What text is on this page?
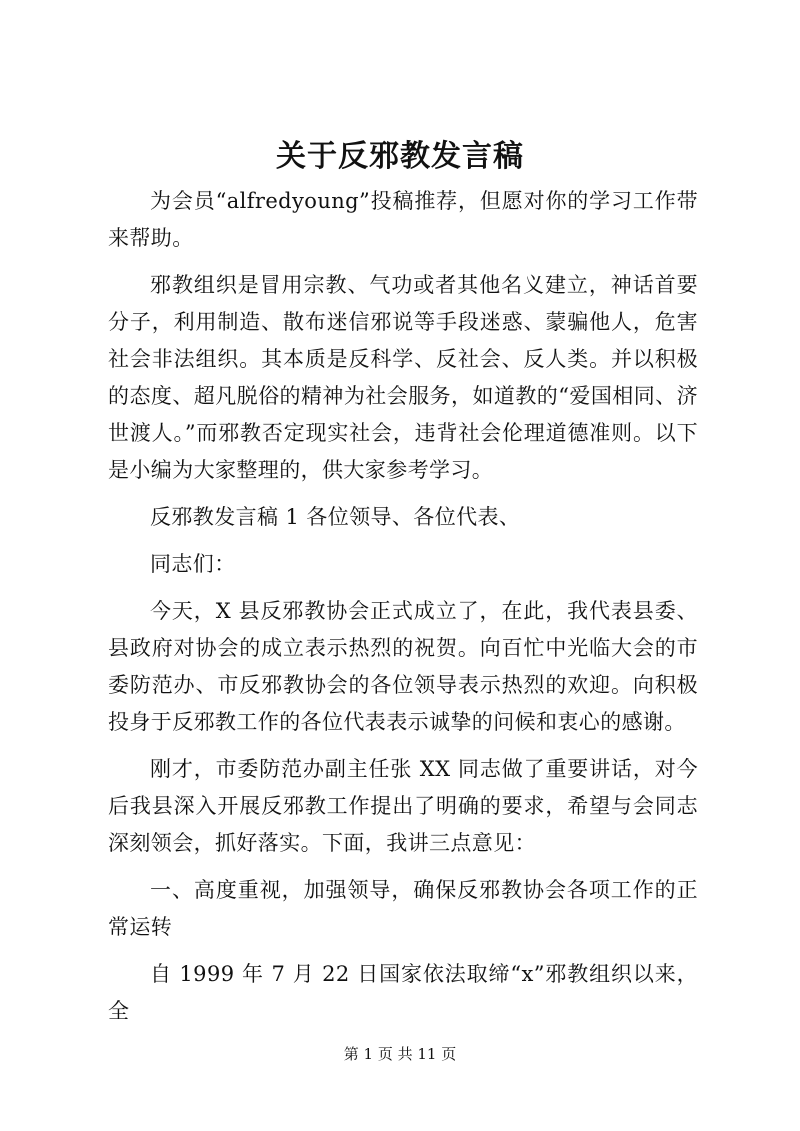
关于反邪教发言稿

为会员“alfredyoung”投稿推荐，但愿对你的学习工作带来帮助。

邪教组织是冒用宗教、气功或者其他名义建立，神话首要分子，利用制造、散布迷信邪说等手段迷惑、蒙骗他人，危害社会非法组织。其本质是反科学、反社会、反人类。并以积极的态度、超凡脱俗的精神为社会服务，如道教的“爱国相同、济世渡人。”而邪教否定现实社会，违背社会伦理道德准则。以下是小编为大家整理的，供大家参考学习。

反邪教发言稿 1 各位领导、各位代表、

同志们：

今天，X 县反邪教协会正式成立了，在此，我代表县委、县政府对协会的成立表示热烈的祝贺。向百忙中光临大会的市委防范办、市反邪教协会的各位领导表示热烈的欢迎。向积极投身于反邪教工作的各位代表表示诚挚的问候和衷心的感谢。

刚才，市委防范办副主任张 XX 同志做了重要讲话，对今后我县深入开展反邪教工作提出了明确的要求，希望与会同志深刻领会，抓好落实。下面，我讲三点意见：

一、高度重视，加强领导，确保反邪教协会各项工作的正常运转

自 1999 年 7 月 22 日国家依法取缔“x”邪教组织以来，全

第 1 页 共 11 页
